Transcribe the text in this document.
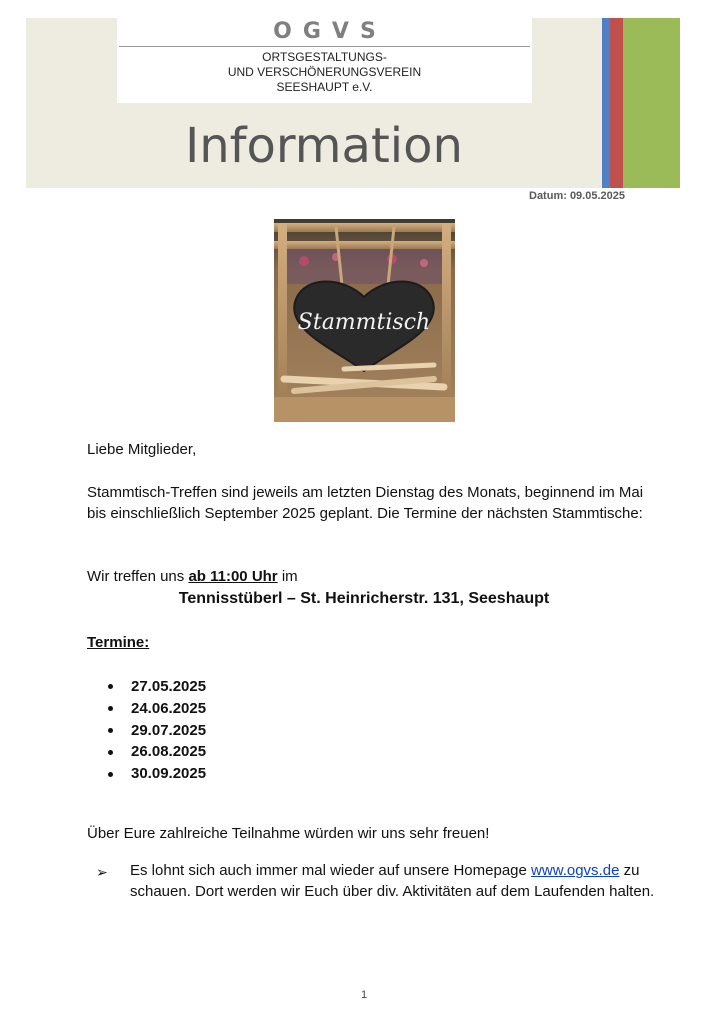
OGVS
ORTSGESTALTUNGS-
UND VERSCHÖNERUNGSVEREIN
SEESHAUPT e.V.
Information
Datum: 09.05.2025
Stammtisch
Liebe Mitglieder,
Stammtisch-Treffen sind jeweils am letzten Dienstag des Monats, beginnend im Mai bis einschließlich September 2025 geplant. Die Termine der nächsten Stammtische:
Wir treffen uns ab 11:00 Uhr im
Tennisstüberl – St. Heinricherstr. 131, Seeshaupt
Termine:
27.05.2025
24.06.2025
29.07.2025
26.08.2025
30.09.2025
Über Eure zahlreiche Teilnahme würden wir uns sehr freuen!
➢ Es lohnt sich auch immer mal wieder auf unsere Homepage www.ogvs.de zu schauen. Dort werden wir Euch über div. Aktivitäten auf dem Laufenden halten.
1
